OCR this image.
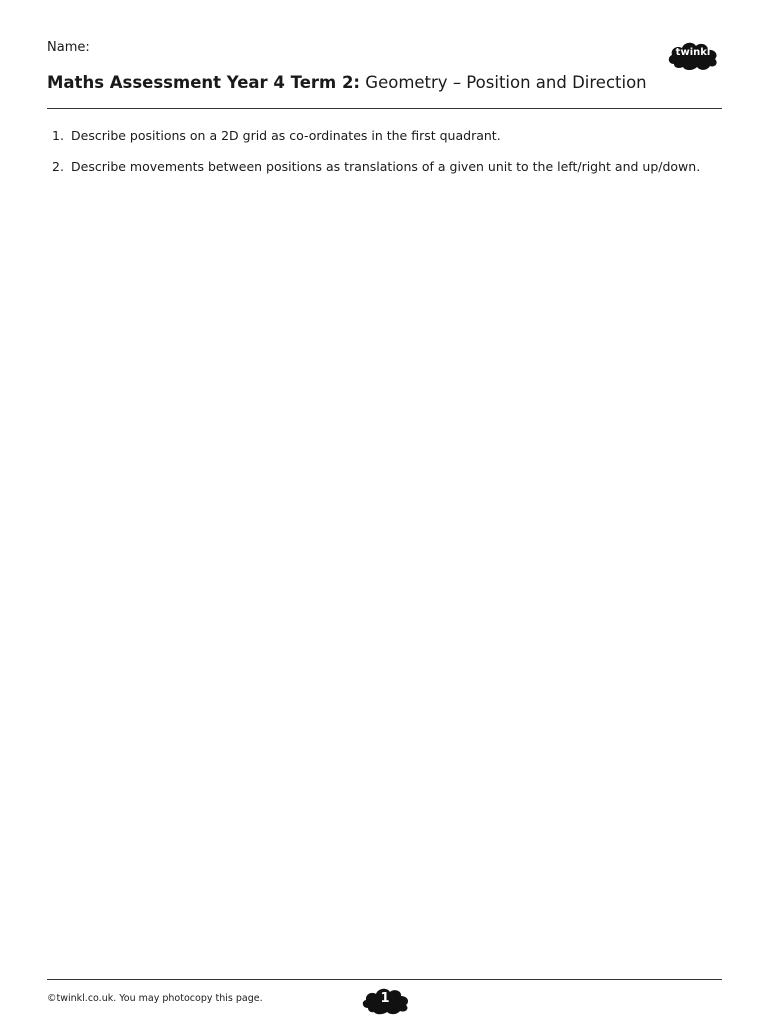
Name:	twinkl
Maths Assessment Year 4 Term 2: Geometry – Position and Direction
1. Describe positions on a 2D grid as co-ordinates in the first quadrant.
2. Describe movements between positions as translations of a given unit to the left/right and up/down.
©twinkl.co.uk. You may photocopy this page.	1
